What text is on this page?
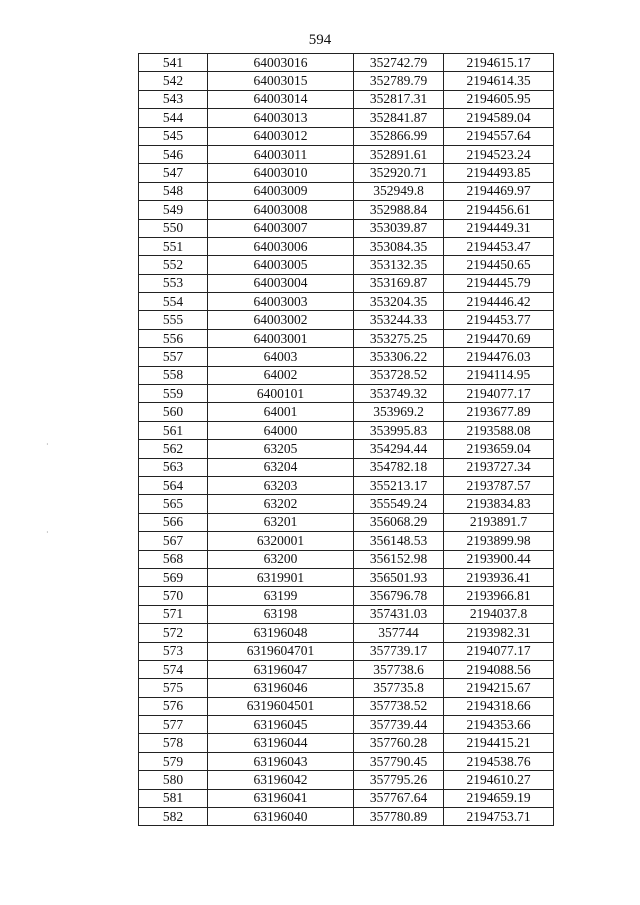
594
·
·
541	64003016	352742.79	2194615.17
542	64003015	352789.79	2194614.35
543	64003014	352817.31	2194605.95
544	64003013	352841.87	2194589.04
545	64003012	352866.99	2194557.64
546	64003011	352891.61	2194523.24
547	64003010	352920.71	2194493.85
548	64003009	352949.8	2194469.97
549	64003008	352988.84	2194456.61
550	64003007	353039.87	2194449.31
551	64003006	353084.35	2194453.47
552	64003005	353132.35	2194450.65
553	64003004	353169.87	2194445.79
554	64003003	353204.35	2194446.42
555	64003002	353244.33	2194453.77
556	64003001	353275.25	2194470.69
557	64003	353306.22	2194476.03
558	64002	353728.52	2194114.95
559	6400101	353749.32	2194077.17
560	64001	353969.2	2193677.89
561	64000	353995.83	2193588.08
562	63205	354294.44	2193659.04
563	63204	354782.18	2193727.34
564	63203	355213.17	2193787.57
565	63202	355549.24	2193834.83
566	63201	356068.29	2193891.7
567	6320001	356148.53	2193899.98
568	63200	356152.98	2193900.44
569	6319901	356501.93	2193936.41
570	63199	356796.78	2193966.81
571	63198	357431.03	2194037.8
572	63196048	357744	2193982.31
573	6319604701	357739.17	2194077.17
574	63196047	357738.6	2194088.56
575	63196046	357735.8	2194215.67
576	6319604501	357738.52	2194318.66
577	63196045	357739.44	2194353.66
578	63196044	357760.28	2194415.21
579	63196043	357790.45	2194538.76
580	63196042	357795.26	2194610.27
581	63196041	357767.64	2194659.19
582	63196040	357780.89	2194753.71
